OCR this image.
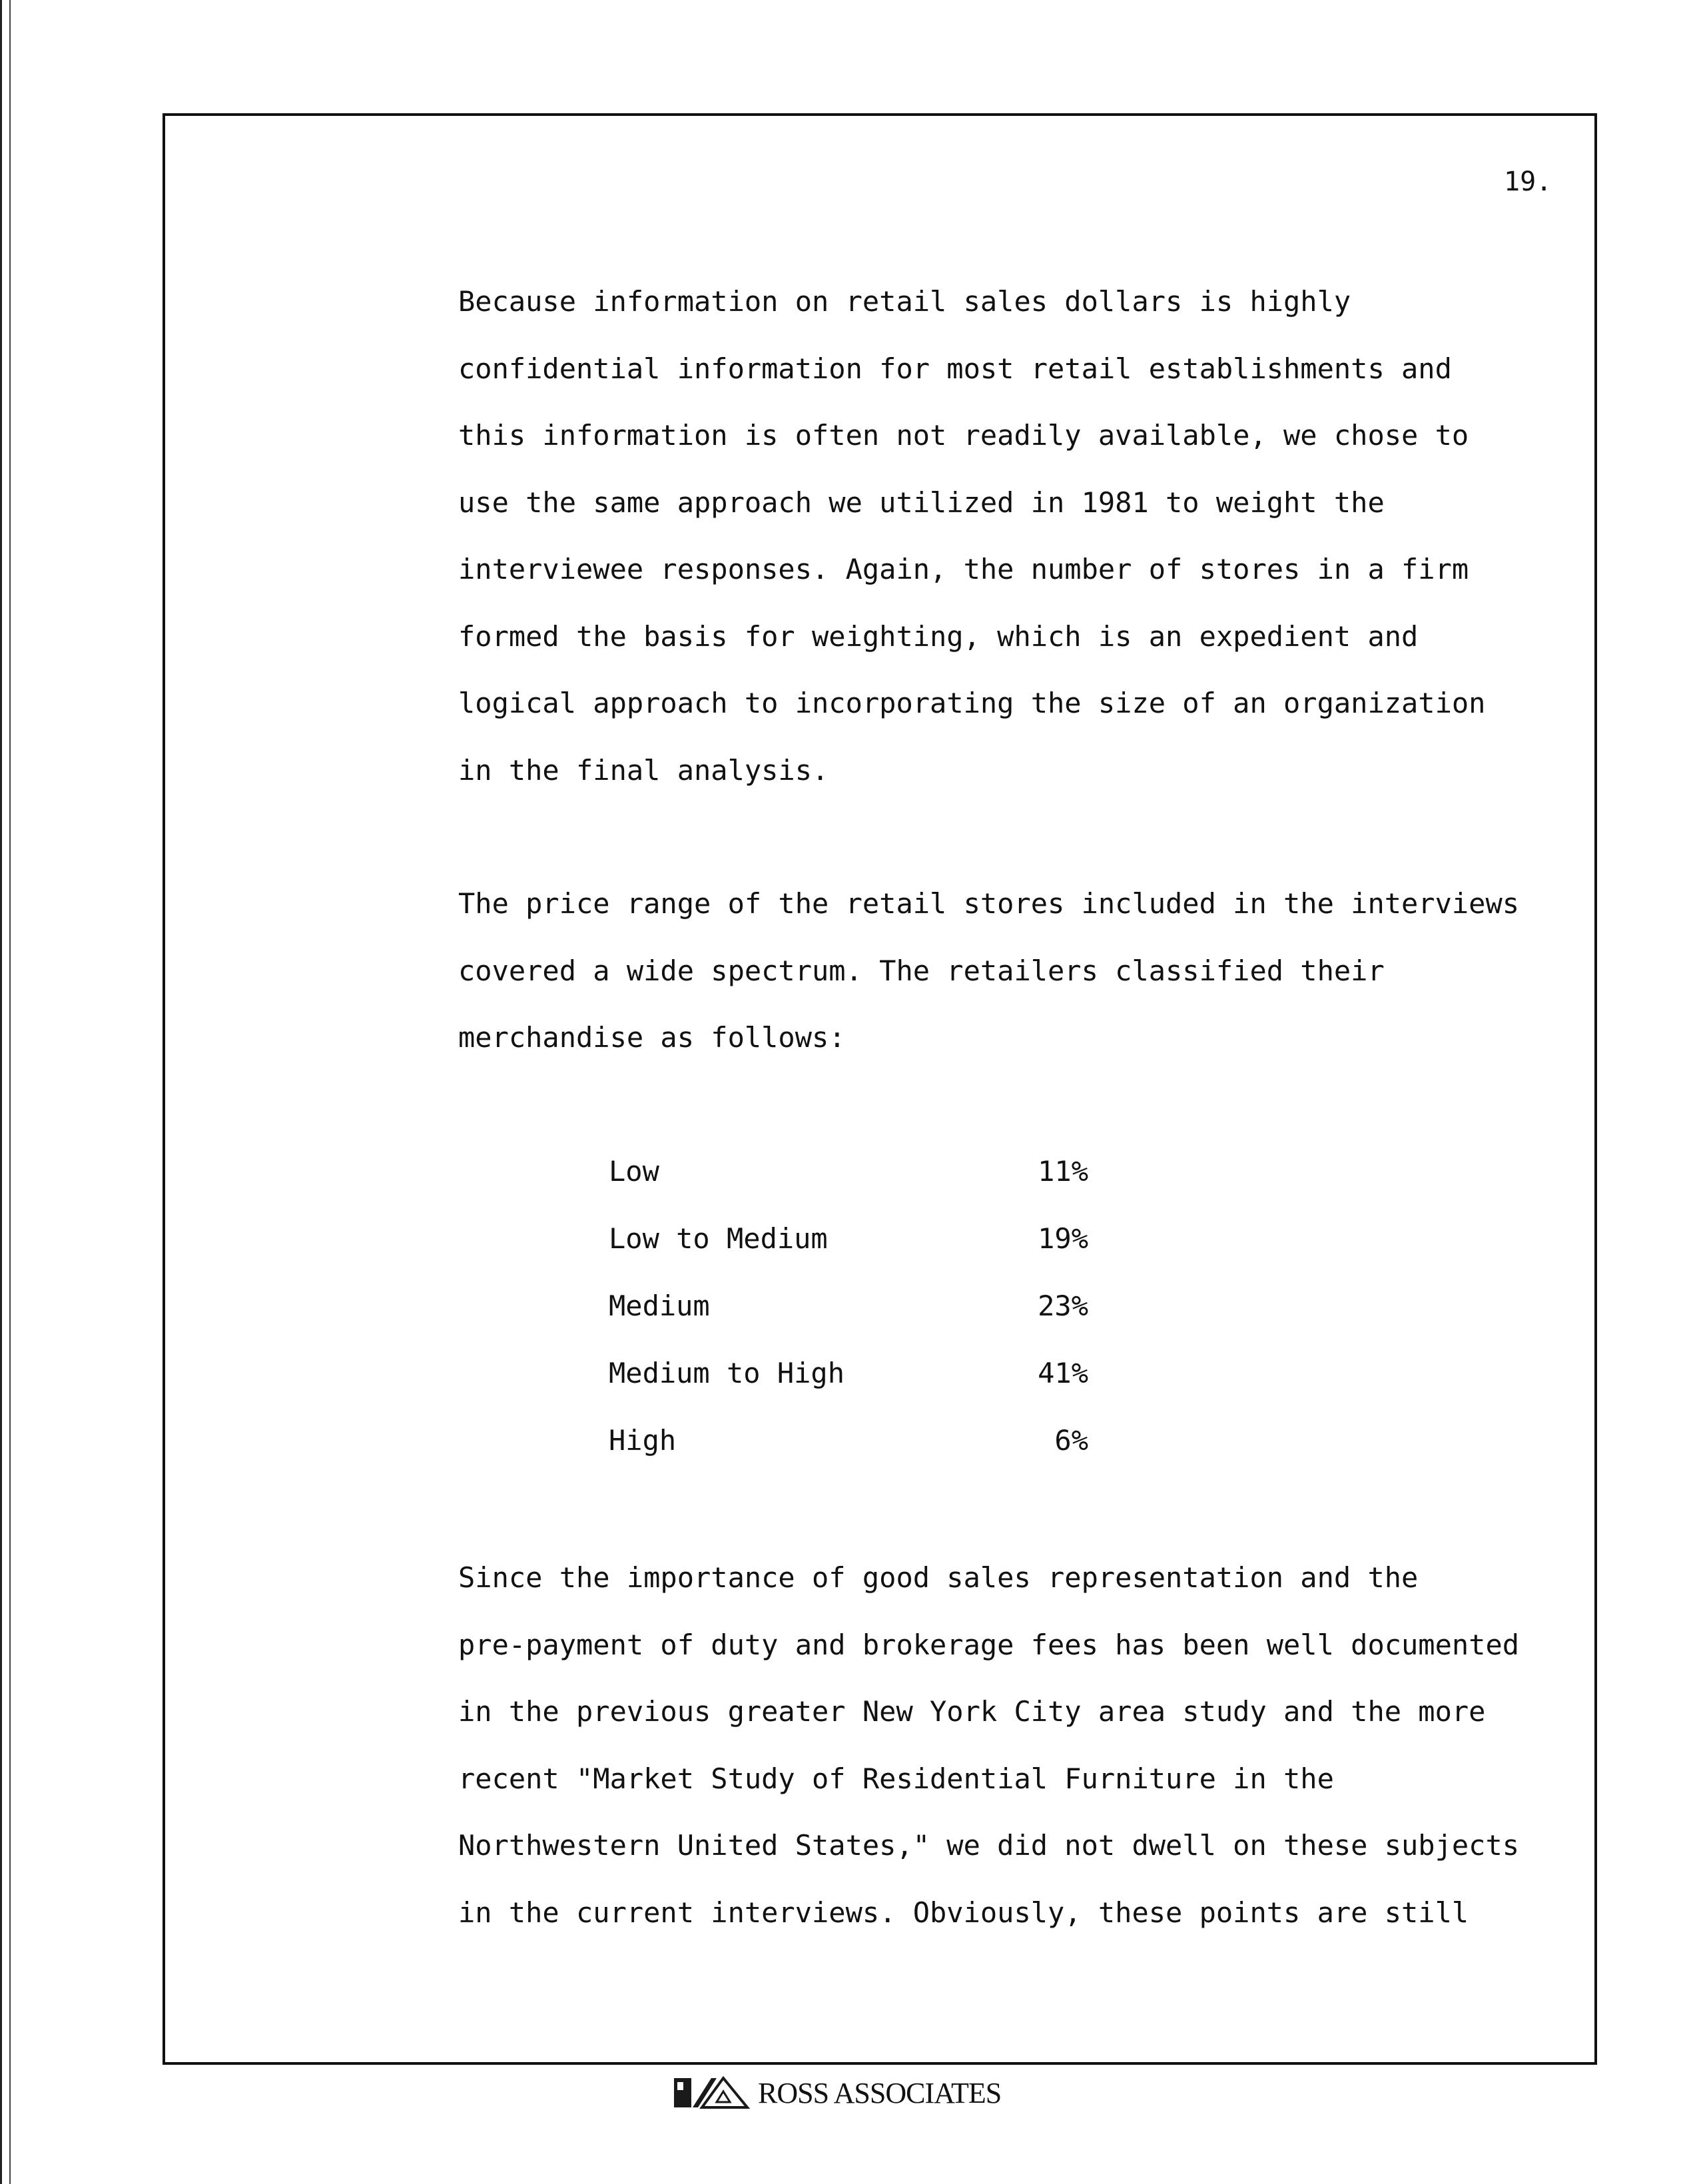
19.

Because information on retail sales dollars is highly
confidential information for most retail establishments and
this information is often not readily available, we chose to
use the same approach we utilized in 1981 to weight the
interviewee responses. Again, the number of stores in a firm
formed the basis for weighting, which is an expedient and
logical approach to incorporating the size of an organization
in the final analysis.

The price range of the retail stores included in the interviews
covered a wide spectrum. The retailers classified their
merchandise as follows:

Low	11%
Low to Medium	19%
Medium	23%
Medium to High	41%
High	6%

Since the importance of good sales representation and the
pre-payment of duty and brokerage fees has been well documented
in the previous greater New York City area study and the more
recent "Market Study of Residential Furniture in the
Northwestern United States," we did not dwell on these subjects
in the current interviews. Obviously, these points are still

ROSS ASSOCIATES
